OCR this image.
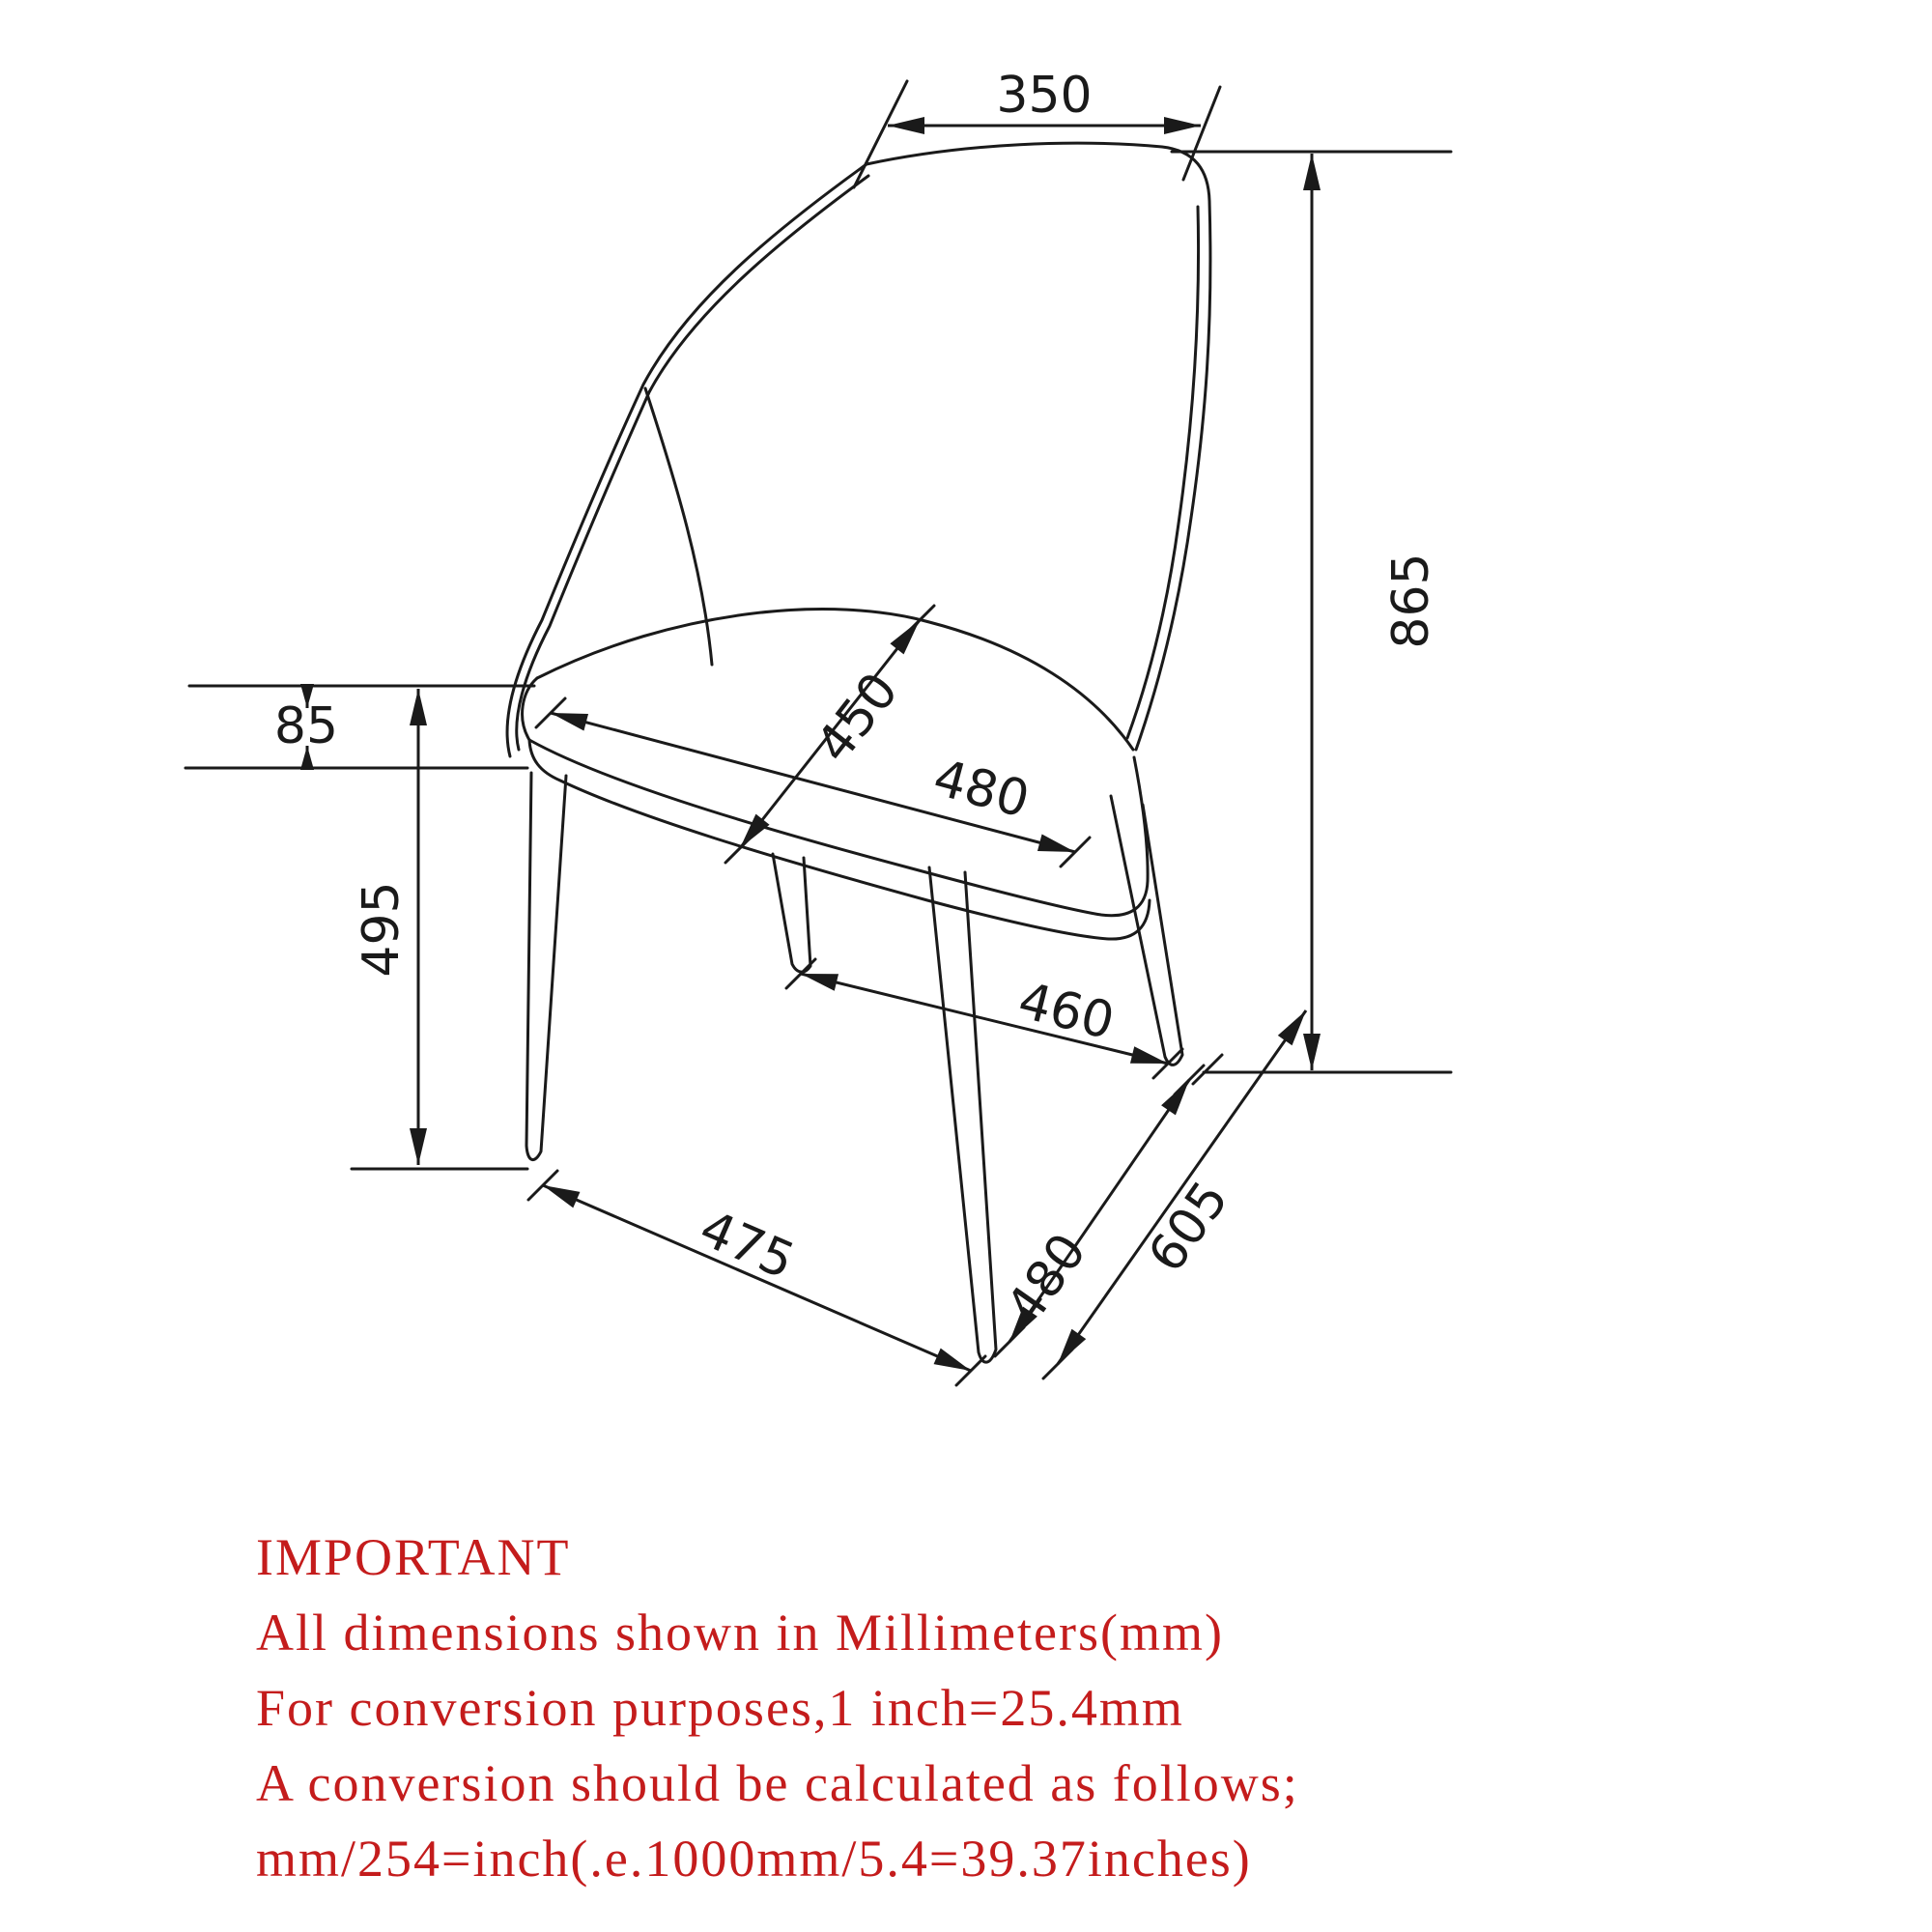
350
865
85
495
450
480
460
480 605
475
IMPORTANT
All dimensions shown in Millimeters(mm)
For conversion purposes,1 inch=25.4mm
A conversion should be calculated as follows;
mm/254=inch(.e.1000mm/5.4=39.37inches)
